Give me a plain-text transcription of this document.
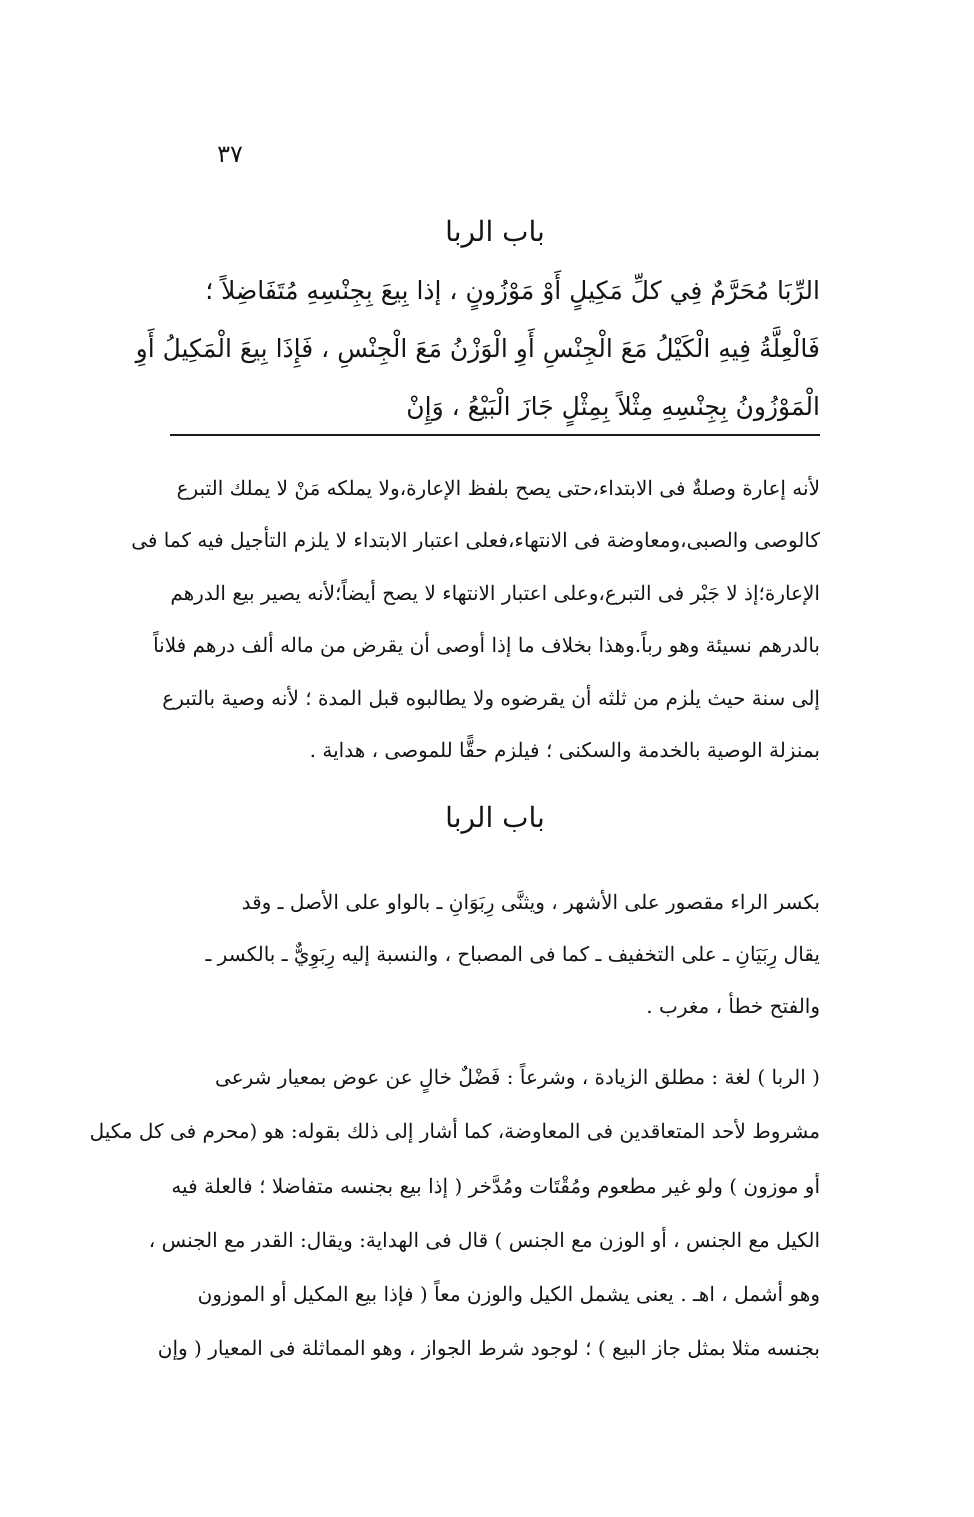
٣٧
باب الربا
الرِّبَا مُحَرَّمٌ فِي كلِّ مَكِيلٍ أَوْ مَوْزُونٍ ، إذا بِيعَ بِجِنْسِهِ مُتَفَاضِلاً ؛
فَالْعِلَّةُ فِيهِ الْكَيْلُ مَعَ الْجِنْسِ أَوِ الْوَزْنُ مَعَ الْجِنْسِ ، فَإِذَا بِيعَ الْمَكِيلُ أَوِ
الْمَوْزُونُ بِجِنْسِهِ مِثْلاً بِمِثْلٍ جَازَ الْبَيْعُ ، وَإِنْ
لأنه إعارة وصلةٌ فى الابتداء،حتى يصح بلفظ الإعارة،ولا يملكه مَنْ لا يملك التبرع
كالوصى والصبى،ومعاوضة فى الانتهاء،فعلى اعتبار الابتداء لا يلزم التأجيل فيه كما فى
الإعارة؛إذ لا جَبْر فى التبرع،وعلى اعتبار الانتهاء لا يصح أيضاً؛لأنه يصير بيع الدرهم
بالدرهم نسيئة وهو رباً.وهذا بخلاف ما إذا أوصى أن يقرض من ماله ألف درهم فلاناً
إلى سنة حيث يلزم من ثلثه أن يقرضوه ولا يطالبوه قبل المدة ؛ لأنه وصية بالتبرع
بمنزلة الوصية بالخدمة والسكنى ؛ فيلزم حقًّا للموصى ، هداية .
باب الربا
بكسر الراء مقصور على الأشهر ، ويثنَّى رِبَوَانِ ـ بالواو على الأصل ـ وقد
يقال رِبَيَانِ ـ على التخفيف ـ كما فى المصباح ، والنسبة إليه رِبَوِيٌّ ـ بالكسر ـ
والفتح خطأ ، مغرب .
( الربا ) لغة : مطلق الزيادة ، وشرعاً : فَضْلٌ خالٍ عن عوض بمعيار شرعى
مشروط لأحد المتعاقدين فى المعاوضة، كما أشار إلى ذلك بقوله: هو (محرم فى كل مكيل
أو موزون ) ولو غير مطعوم ومُقْتَات ومُدَّخر ( إذا بيع بجنسه متفاضلا ؛ فالعلة فيه
الكيل مع الجنس ، أو الوزن مع الجنس ) قال فى الهداية: ويقال: القدر مع الجنس ،
وهو أشمل ، اهـ . يعنى يشمل الكيل والوزن معاً ( فإذا بيع المكيل أو الموزون
بجنسه مثلا بمثل جاز البيع ) ؛ لوجود شرط الجواز ، وهو المماثلة فى المعيار ( وإن
